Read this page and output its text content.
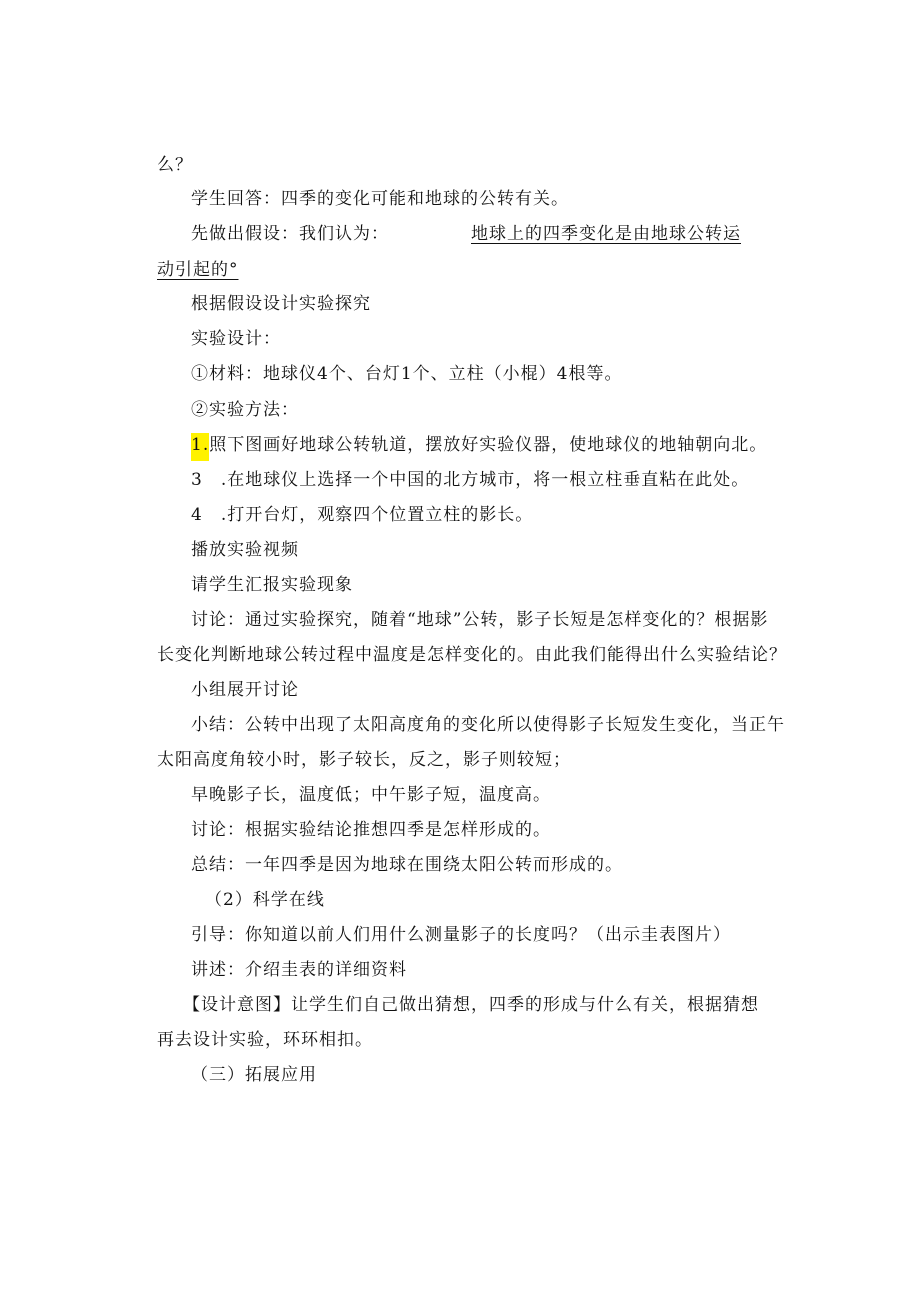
么？
学生回答：四季的变化可能和地球的公转有关。
先做出假设：我们认为：	地球上的四季变化是由地球公转运
动引起的°
根据假设设计实验探究
实验设计：
①材料：地球仪4个、台灯1个、立柱（小棍）4根等。
②实验方法：
1.照下图画好地球公转轨道，摆放好实验仪器，使地球仪的地轴朝向北。
3　.在地球仪上选择一个中国的北方城市，将一根立柱垂直粘在此处。
4　.打开台灯，观察四个位置立柱的影长。
播放实验视频
请学生汇报实验现象
讨论：通过实验探究，随着“地球”公转，影子长短是怎样变化的？根据影
长变化判断地球公转过程中温度是怎样变化的。由此我们能得出什么实验结论？
小组展开讨论
小结：公转中出现了太阳高度角的变化所以使得影子长短发生变化，当正午
太阳高度角较小时，影子较长，反之，影子则较短；
早晚影子长，温度低；中午影子短，温度高。
讨论：根据实验结论推想四季是怎样形成的。
总结：一年四季是因为地球在围绕太阳公转而形成的。
（2）科学在线
引导：你知道以前人们用什么测量影子的长度吗？（出示圭表图片）
讲述：介绍圭表的详细资料
【设计意图】让学生们自己做出猜想，四季的形成与什么有关，根据猜想
再去设计实验，环环相扣。
（三）拓展应用
